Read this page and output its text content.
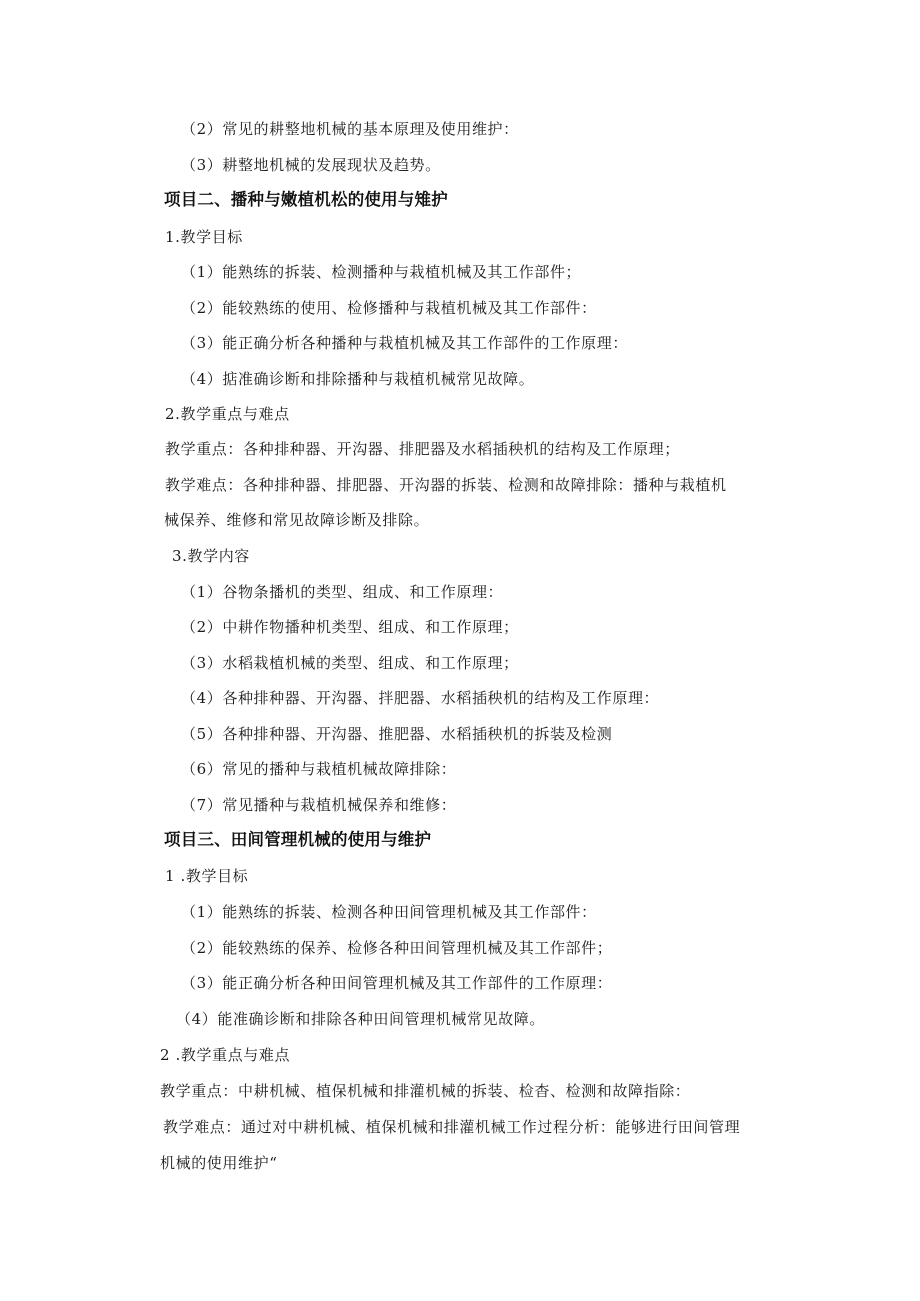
（2）常见的耕整地机械的基本原理及使用维护：
（3）耕整地机械的发展现状及趋势。
项目二、播种与嫩植机松的使用与雉护
1.教学目标
（1）能熟练的拆装、检测播种与栽植机械及其工作部件；
（2）能较熟练的使用、检修播种与栽植机械及其工作部件：
（3）能正确分析各种播种与栽植机械及其工作部件的工作原理：
（4）掂准确诊断和排除播种与栽植机械常见故障。
2.教学重点与难点
教学重点：各种排种器、开沟器、排肥器及水稻插秧机的结构及工作原理；
教学难点：各种排种器、排肥器、开沟器的拆装、检测和故障排除：播种与栽植机
械保养、维修和常见故障诊断及排除。
3.教学内容
（1）谷物条播机的类型、组成、和工作原理：
（2）中耕作物播种机类型、组成、和工作原理；
（3）水稻栽植机械的类型、组成、和工作原理；
（4）各种排种器、开沟器、拌肥器、水稻插秧机的结构及工作原理：
（5）各种排种器、开沟器、推肥器、水稻插秧机的拆装及检测
（6）常见的播种与栽植机械故障排除：
（7）常见播种与栽植机械保养和维修：
项目三、田间管理机械的使用与维护
1 .教学目标
（1）能熟练的拆装、检测各种田间管理机械及其工作部件：
（2）能较熟练的保养、检修各种田间管理机械及其工作部件；
（3）能正确分析各种田间管理机械及其工作部件的工作原理：
（4）能准确诊断和排除各种田间管理机械常见故障。
2 .教学重点与难点
教学重点：中耕机械、植保机械和排灌机械的拆装、检杳、检测和故障指除：
教学难点：通过对中耕机械、植保机械和排灌机械工作过程分析：能够进行田间管理
机械的使用维护“
